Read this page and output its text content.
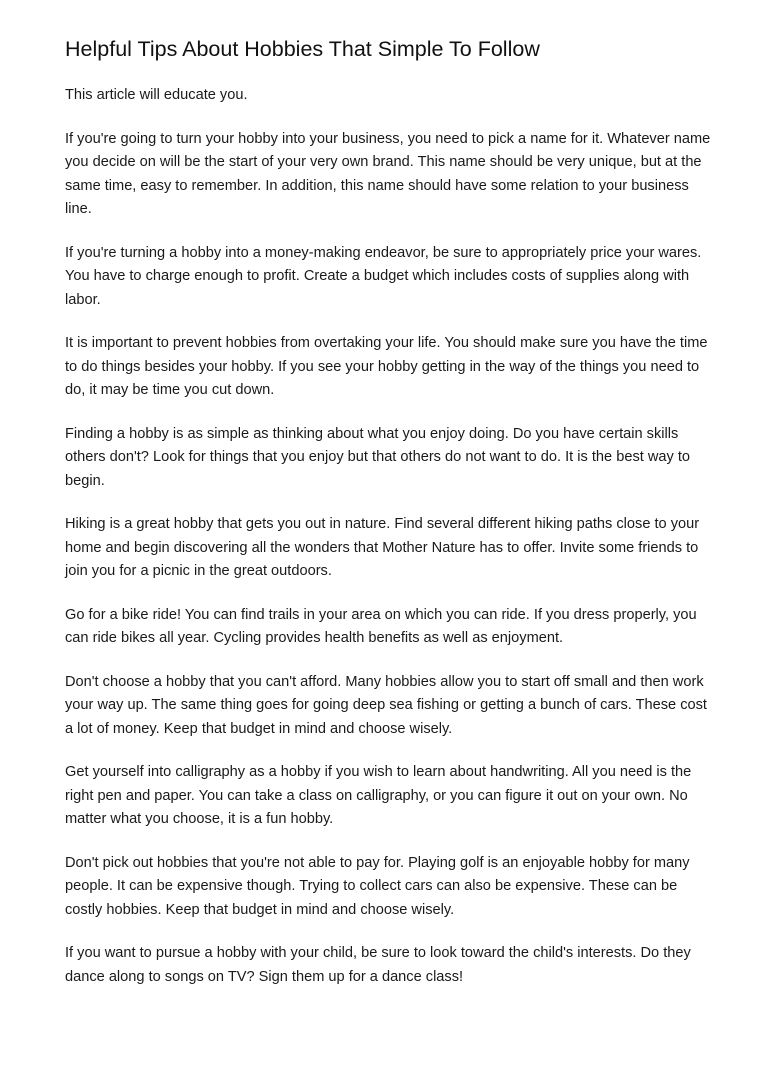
Helpful Tips About Hobbies That Simple To Follow

This article will educate you.

If you're going to turn your hobby into your business, you need to pick a name for it. Whatever name you decide on will be the start of your very own brand. This name should be very unique, but at the same time, easy to remember. In addition, this name should have some relation to your business line.

If you're turning a hobby into a money-making endeavor, be sure to appropriately price your wares. You have to charge enough to profit. Create a budget which includes costs of supplies along with labor.

It is important to prevent hobbies from overtaking your life. You should make sure you have the time to do things besides your hobby. If you see your hobby getting in the way of the things you need to do, it may be time you cut down.

Finding a hobby is as simple as thinking about what you enjoy doing. Do you have certain skills others don't? Look for things that you enjoy but that others do not want to do. It is the best way to begin.

Hiking is a great hobby that gets you out in nature. Find several different hiking paths close to your home and begin discovering all the wonders that Mother Nature has to offer. Invite some friends to join you for a picnic in the great outdoors.

Go for a bike ride! You can find trails in your area on which you can ride. If you dress properly, you can ride bikes all year. Cycling provides health benefits as well as enjoyment.

Don't choose a hobby that you can't afford. Many hobbies allow you to start off small and then work your way up. The same thing goes for going deep sea fishing or getting a bunch of cars. These cost a lot of money. Keep that budget in mind and choose wisely.

Get yourself into calligraphy as a hobby if you wish to learn about handwriting. All you need is the right pen and paper. You can take a class on calligraphy, or you can figure it out on your own. No matter what you choose, it is a fun hobby.

Don't pick out hobbies that you're not able to pay for. Playing golf is an enjoyable hobby for many people. It can be expensive though. Trying to collect cars can also be expensive. These can be costly hobbies. Keep that budget in mind and choose wisely.

If you want to pursue a hobby with your child, be sure to look toward the child's interests. Do they dance along to songs on TV? Sign them up for a dance class!
